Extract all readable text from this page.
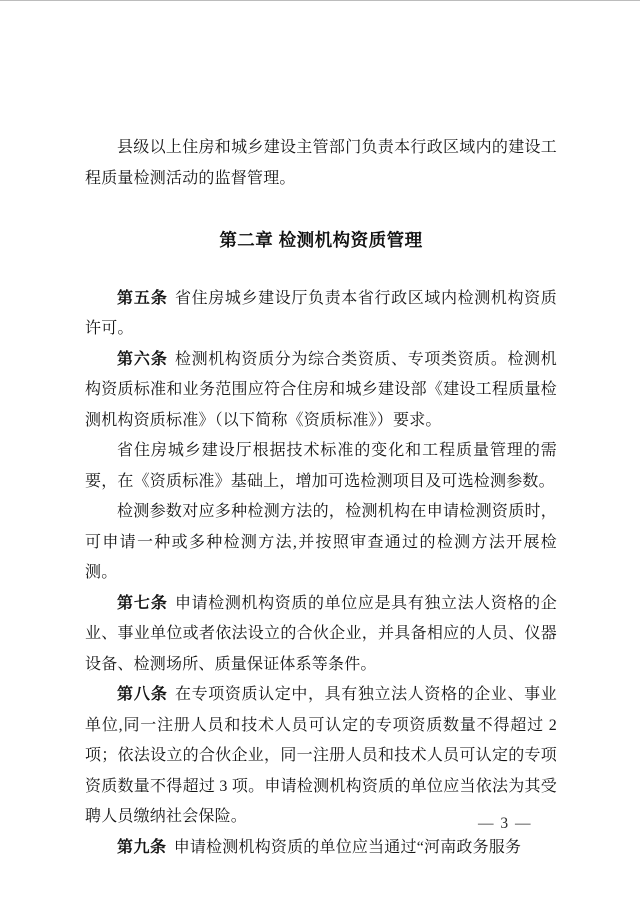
县级以上住房和城乡建设主管部门负责本行政区域内的建设工程质量检测活动的监督管理。

第二章 检测机构资质管理

第五条 省住房城乡建设厅负责本省行政区域内检测机构资质许可。

第六条 检测机构资质分为综合类资质、专项类资质。检测机构资质标准和业务范围应符合住房和城乡建设部《建设工程质量检测机构资质标准》（以下简称《资质标准》）要求。

省住房城乡建设厅根据技术标准的变化和工程质量管理的需要，在《资质标准》基础上，增加可选检测项目及可选检测参数。

检测参数对应多种检测方法的，检测机构在申请检测资质时，可申请一种或多种检测方法,并按照审查通过的检测方法开展检测。

第七条 申请检测机构资质的单位应是具有独立法人资格的企业、事业单位或者依法设立的合伙企业，并具备相应的人员、仪器设备、检测场所、质量保证体系等条件。

第八条 在专项资质认定中，具有独立法人资格的企业、事业单位,同一注册人员和技术人员可认定的专项资质数量不得超过 2 项；依法设立的合伙企业，同一注册人员和技术人员可认定的专项资质数量不得超过 3 项。申请检测机构资质的单位应当依法为其受聘人员缴纳社会保险。

第九条 申请检测机构资质的单位应当通过“河南政务服务

— 3 —
